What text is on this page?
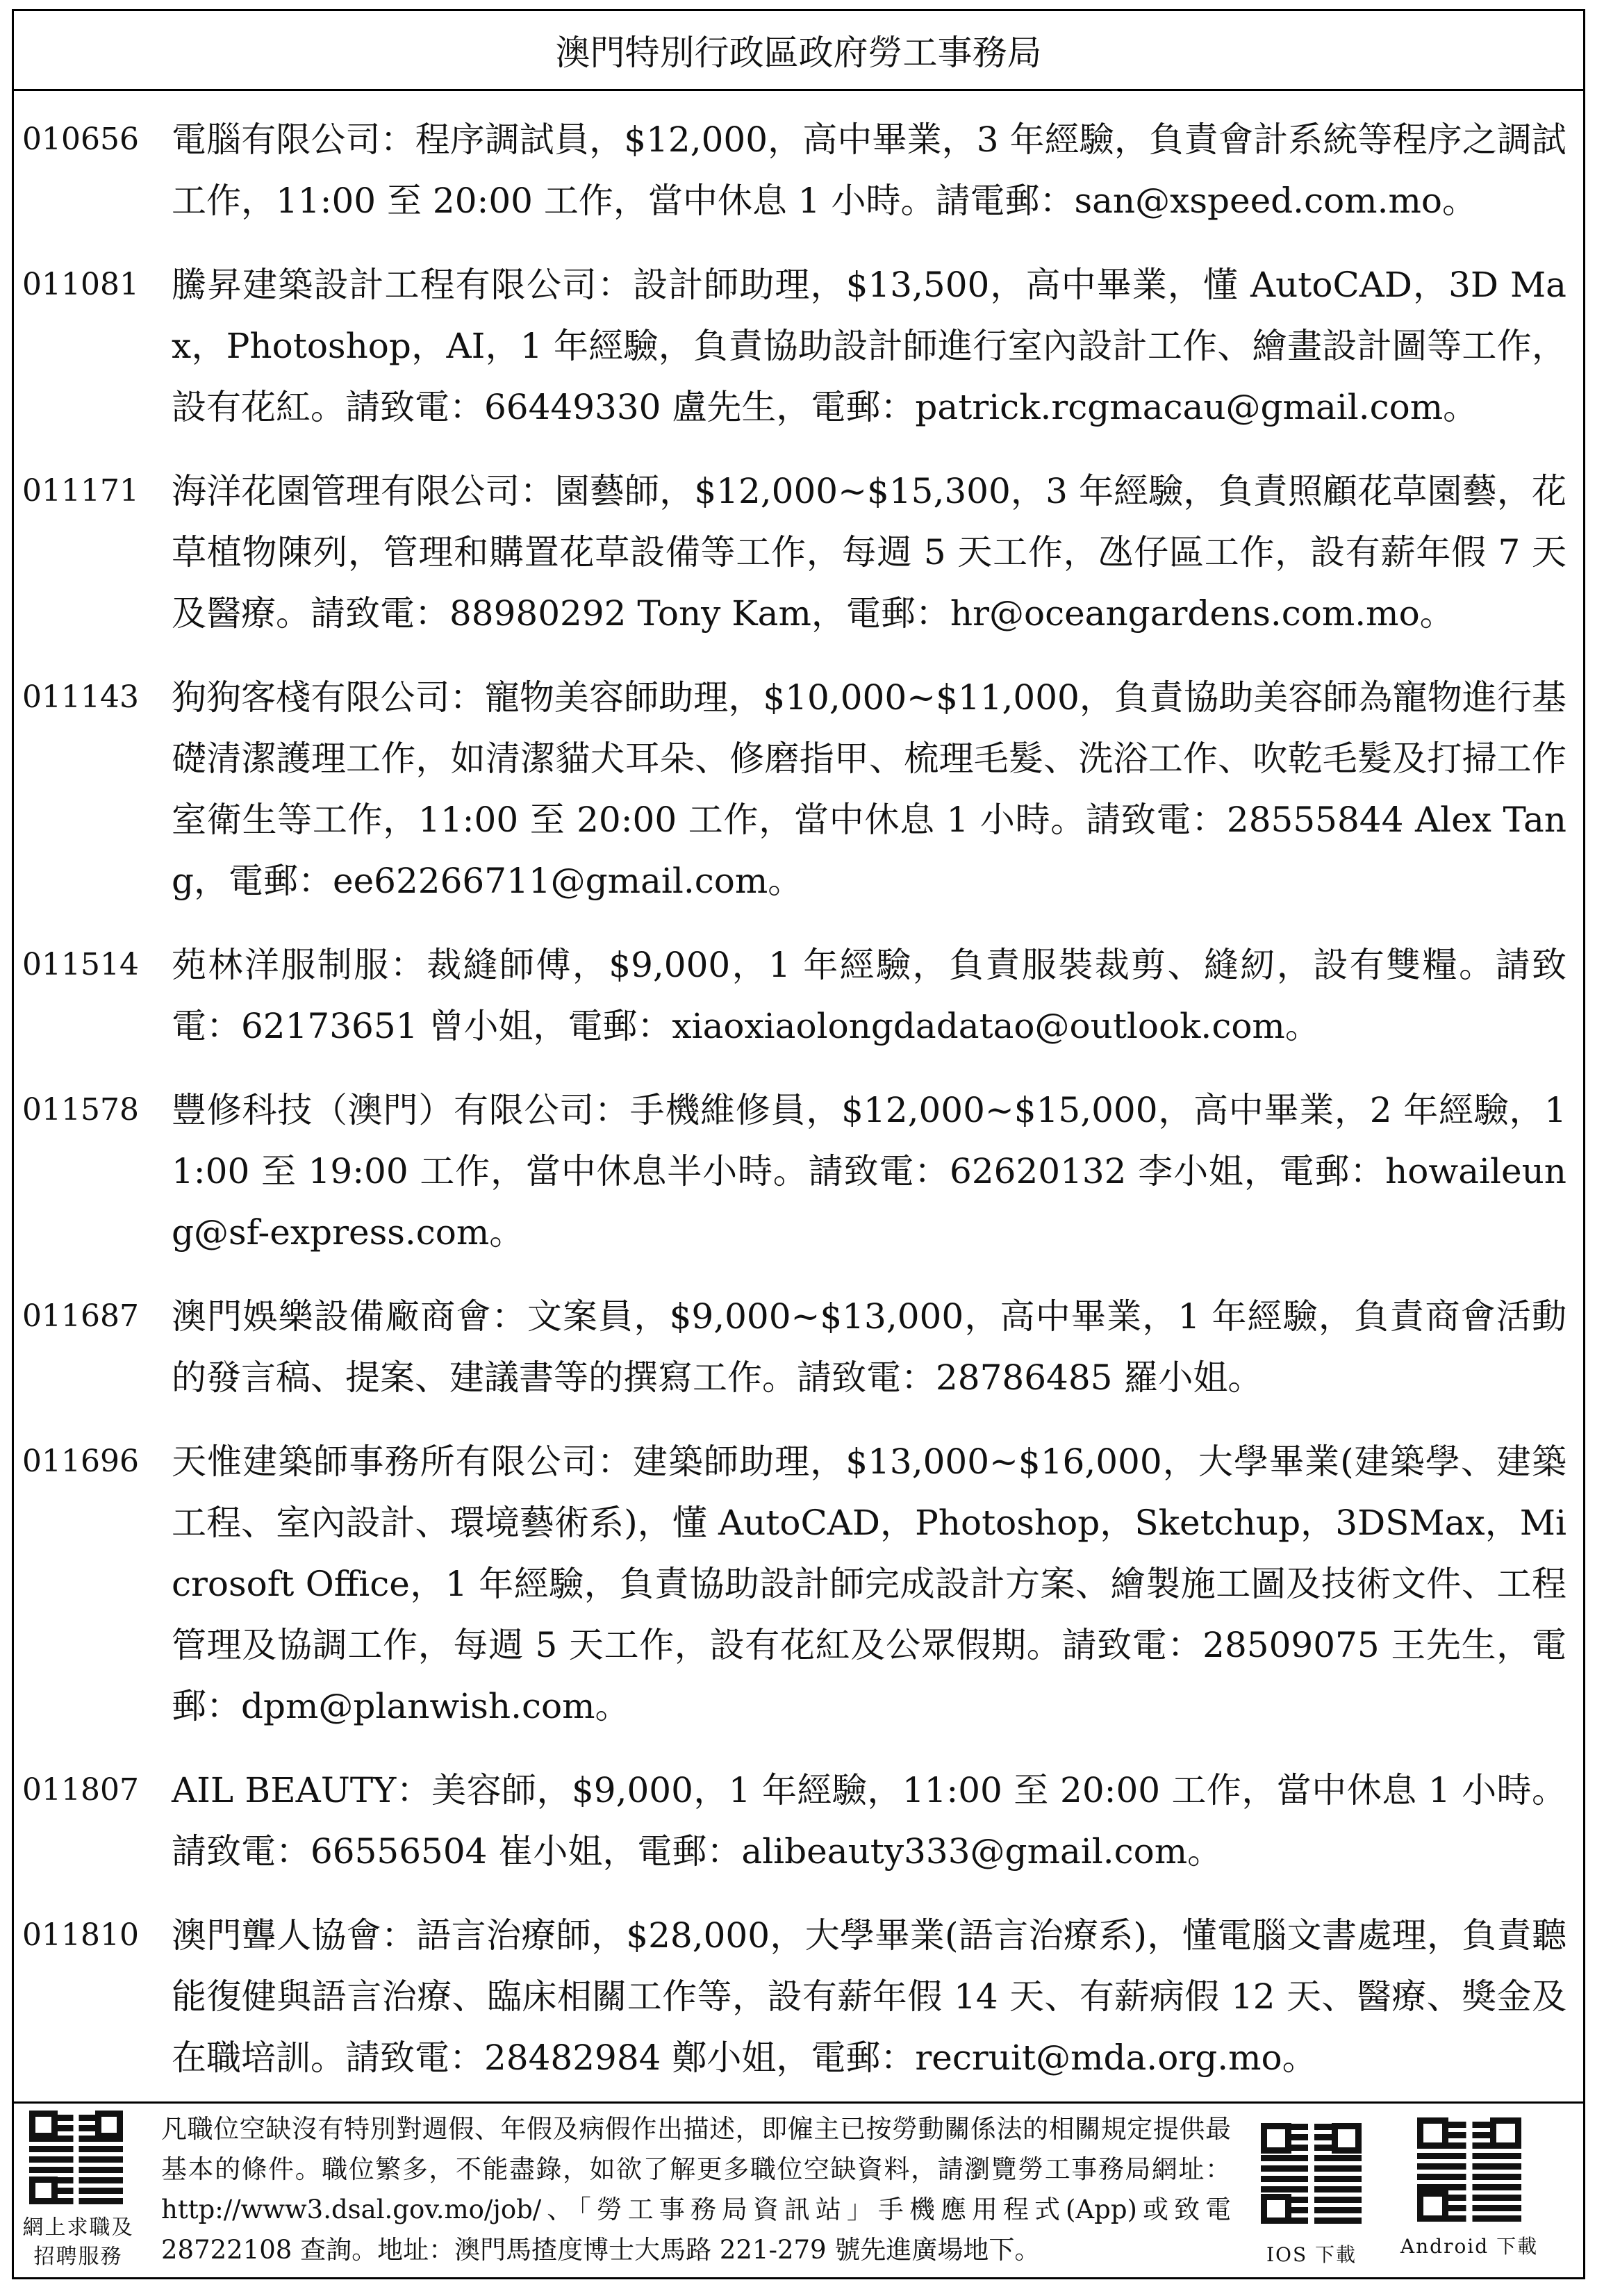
澳門特別行政區政府勞工事務局
010656 電腦有限公司：程序調試員，$12,000，高中畢業，3 年經驗，負責會計系統等程序之調試工作，11:00 至 20:00 工作，當中休息 1 小時。請電郵：san@xspeed.com.mo。
011081 騰昇建築設計工程有限公司：設計師助理，$13,500，高中畢業，懂 AutoCAD，3D Max，Photoshop，AI，1 年經驗，負責協助設計師進行室內設計工作、繪畫設計圖等工作，設有花紅。請致電：66449330 盧先生，電郵：patrick.rcgmacau@gmail.com。
011171 海洋花園管理有限公司：園藝師，$12,000~$15,300，3 年經驗，負責照顧花草園藝，花草植物陳列，管理和購置花草設備等工作，每週 5 天工作，氹仔區工作，設有薪年假 7 天及醫療。請致電：88980292 Tony Kam，電郵：hr@oceangardens.com.mo。
011143 狗狗客棧有限公司：寵物美容師助理，$10,000~$11,000，負責協助美容師為寵物進行基礎清潔護理工作，如清潔貓犬耳朵、修磨指甲、梳理毛髮、洗浴工作、吹乾毛髮及打掃工作室衛生等工作，11:00 至 20:00 工作，當中休息 1 小時。請致電：28555844 Alex Tang，電郵：ee62266711@gmail.com。
011514 苑林洋服制服：裁縫師傅，$9,000，1 年經驗，負責服裝裁剪、縫紉，設有雙糧。請致電：62173651 曾小姐，電郵：xiaoxiaolongdadatao@outlook.com。
011578 豐修科技（澳門）有限公司：手機維修員，$12,000~$15,000，高中畢業，2 年經驗，11:00 至 19:00 工作，當中休息半小時。請致電：62620132 李小姐，電郵：howaileung@sf-express.com。
011687 澳門娛樂設備廠商會：文案員，$9,000~$13,000，高中畢業，1 年經驗，負責商會活動的發言稿、提案、建議書等的撰寫工作。請致電：28786485 羅小姐。
011696 天惟建築師事務所有限公司：建築師助理，$13,000~$16,000，大學畢業(建築學、建築工程、室內設計、環境藝術系)，懂 AutoCAD，Photoshop，Sketchup，3DSMax，Microsoft Office，1 年經驗，負責協助設計師完成設計方案、繪製施工圖及技術文件、工程管理及協調工作，每週 5 天工作，設有花紅及公眾假期。請致電：28509075 王先生，電郵：dpm@planwish.com。
011807 AIL BEAUTY：美容師，$9,000，1 年經驗，11:00 至 20:00 工作，當中休息 1 小時。請致電：66556504 崔小姐，電郵：alibeauty333@gmail.com。
011810 澳門聾人協會：語言治療師，$28,000，大學畢業(語言治療系)，懂電腦文書處理，負責聽能復健與語言治療、臨床相關工作等，設有薪年假 14 天、有薪病假 12 天、醫療、獎金及在職培訓。請致電：28482984 鄭小姐，電郵：recruit@mda.org.mo。
網上求職及
招聘服務
凡職位空缺沒有特別對週假、年假及病假作出描述，即僱主已按勞動關係法的相關規定提供最基本的條件。職位繁多，不能盡錄，如欲了解更多職位空缺資料，請瀏覽勞工事務局網址：http://www3.dsal.gov.mo/job/、「勞工事務局資訊站」手機應用程式(App)或致電 28722108 查詢。地址：澳門馬揸度博士大馬路 221-279 號先進廣場地下。	IOS 下載	Android 下載
